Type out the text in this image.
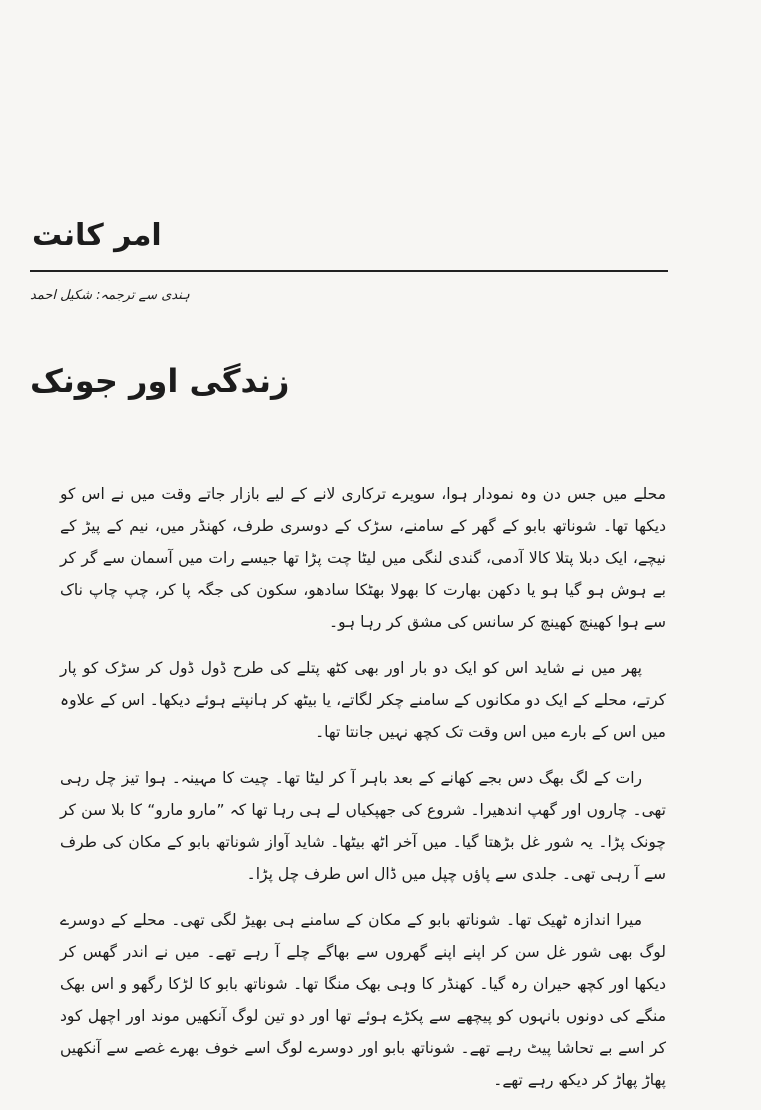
امر کانت
ہندی سے ترجمہ: شکیل احمد
زندگی اور جونک

محلے میں جس دن وہ نمودار ہوا، سویرے ترکاری لانے کے لیے بازار جاتے وقت میں نے اس کو دیکھا تھا۔ شوناتھ بابو کے گھر کے سامنے، سڑک کے دوسری طرف، کھنڈر میں، نیم کے پیڑ کے نیچے، ایک دبلا پتلا کالا آدمی، گندی لنگی میں لیٹا چت پڑا تھا جیسے رات میں آسمان سے گر کر بے ہوش ہو گیا ہو یا دکھن بھارت کا بھولا بھٹکا سادھو، سکون کی جگہ پا کر، چپ چاپ ناک سے ہوا کھینچ کھینچ کر سانس کی مشق کر رہا ہو۔

پھر میں نے شاید اس کو ایک دو بار اور بھی کٹھ پتلے کی طرح ڈول ڈول کر سڑک کو پار کرتے، محلے کے ایک دو مکانوں کے سامنے چکر لگاتے، یا بیٹھ کر ہانپتے ہوئے دیکھا۔ اس کے علاوہ میں اس کے بارے میں اس وقت تک کچھ نہیں جانتا تھا۔

رات کے لگ بھگ دس بجے کھانے کے بعد باہر آ کر لیٹا تھا۔ چیت کا مہینہ۔ ہوا تیز چل رہی تھی۔ چاروں اور گھپ اندھیرا۔ شروع کی جھپکیاں لے ہی رہا تھا کہ ”مارو مارو“ کا بلا سن کر چونک پڑا۔ یہ شور غل بڑھتا گیا۔ میں آخر اٹھ بیٹھا۔ شاید آواز شوناتھ بابو کے مکان کی طرف سے آ رہی تھی۔ جلدی سے پاؤں چپل میں ڈال اس طرف چل پڑا۔

میرا اندازہ ٹھیک تھا۔ شوناتھ بابو کے مکان کے سامنے ہی بھیڑ لگی تھی۔ محلے کے دوسرے لوگ بھی شور غل سن کر اپنے اپنے گھروں سے بھاگے چلے آ رہے تھے۔ میں نے اندر گھس کر دیکھا اور کچھ حیران رہ گیا۔ کھنڈر کا وہی بھک منگا تھا۔ شوناتھ بابو کا لڑکا رگھو و اس بھک منگے کی دونوں بانہوں کو پیچھے سے پکڑے ہوئے تھا اور دو تین لوگ آنکھیں موند اور اچھل کود کر اسے بے تحاشا پیٹ رہے تھے۔ شوناتھ بابو اور دوسرے لوگ اسے خوف بھرے غصے سے آنکھیں پھاڑ پھاڑ کر دیکھ رہے تھے۔
